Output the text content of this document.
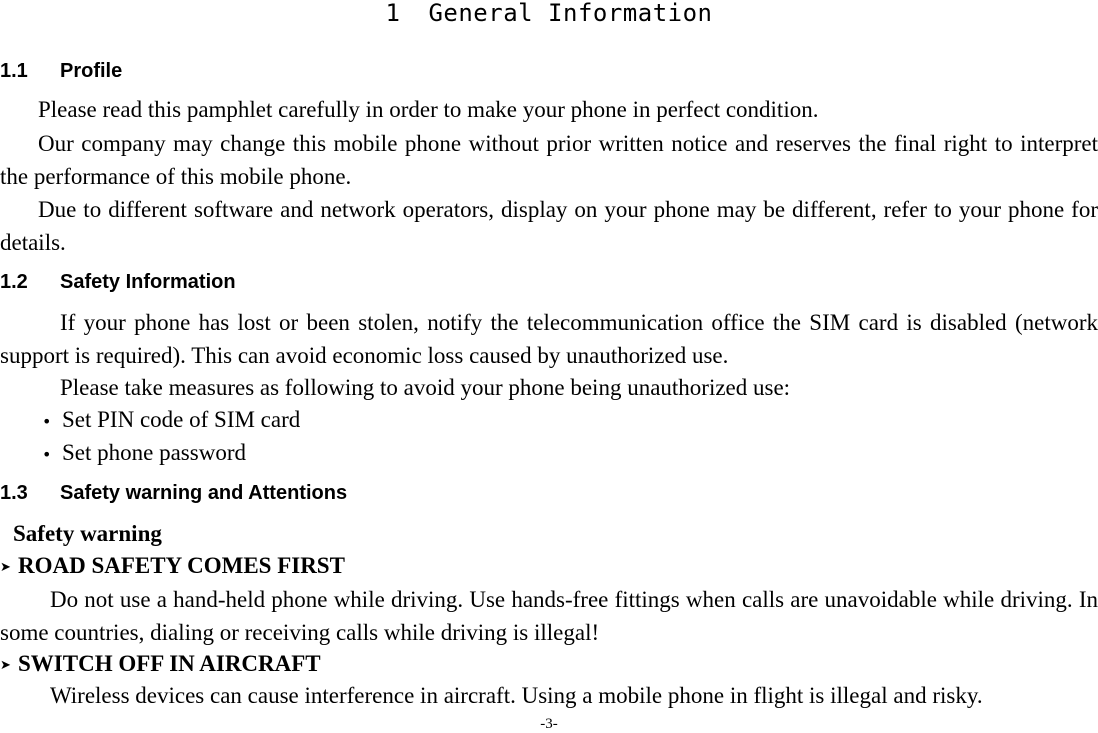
1 General Information
1.1 Profile
Please read this pamphlet carefully in order to make your phone in perfect condition.
Our company may change this mobile phone without prior written notice and reserves the final right to interpret the performance of this mobile phone.
Due to different software and network operators, display on your phone may be different, refer to your phone for details.
1.2 Safety Information
If your phone has lost or been stolen, notify the telecommunication office the SIM card is disabled (network support is required). This can avoid economic loss caused by unauthorized use.
Please take measures as following to avoid your phone being unauthorized use:
• Set PIN code of SIM card
• Set phone password
1.3 Safety warning and Attentions
Safety warning
➤ ROAD SAFETY COMES FIRST
Do not use a hand-held phone while driving. Use hands-free fittings when calls are unavoidable while driving. In some countries, dialing or receiving calls while driving is illegal!
➤ SWITCH OFF IN AIRCRAFT
Wireless devices can cause interference in aircraft. Using a mobile phone in flight is illegal and risky.
-3-
